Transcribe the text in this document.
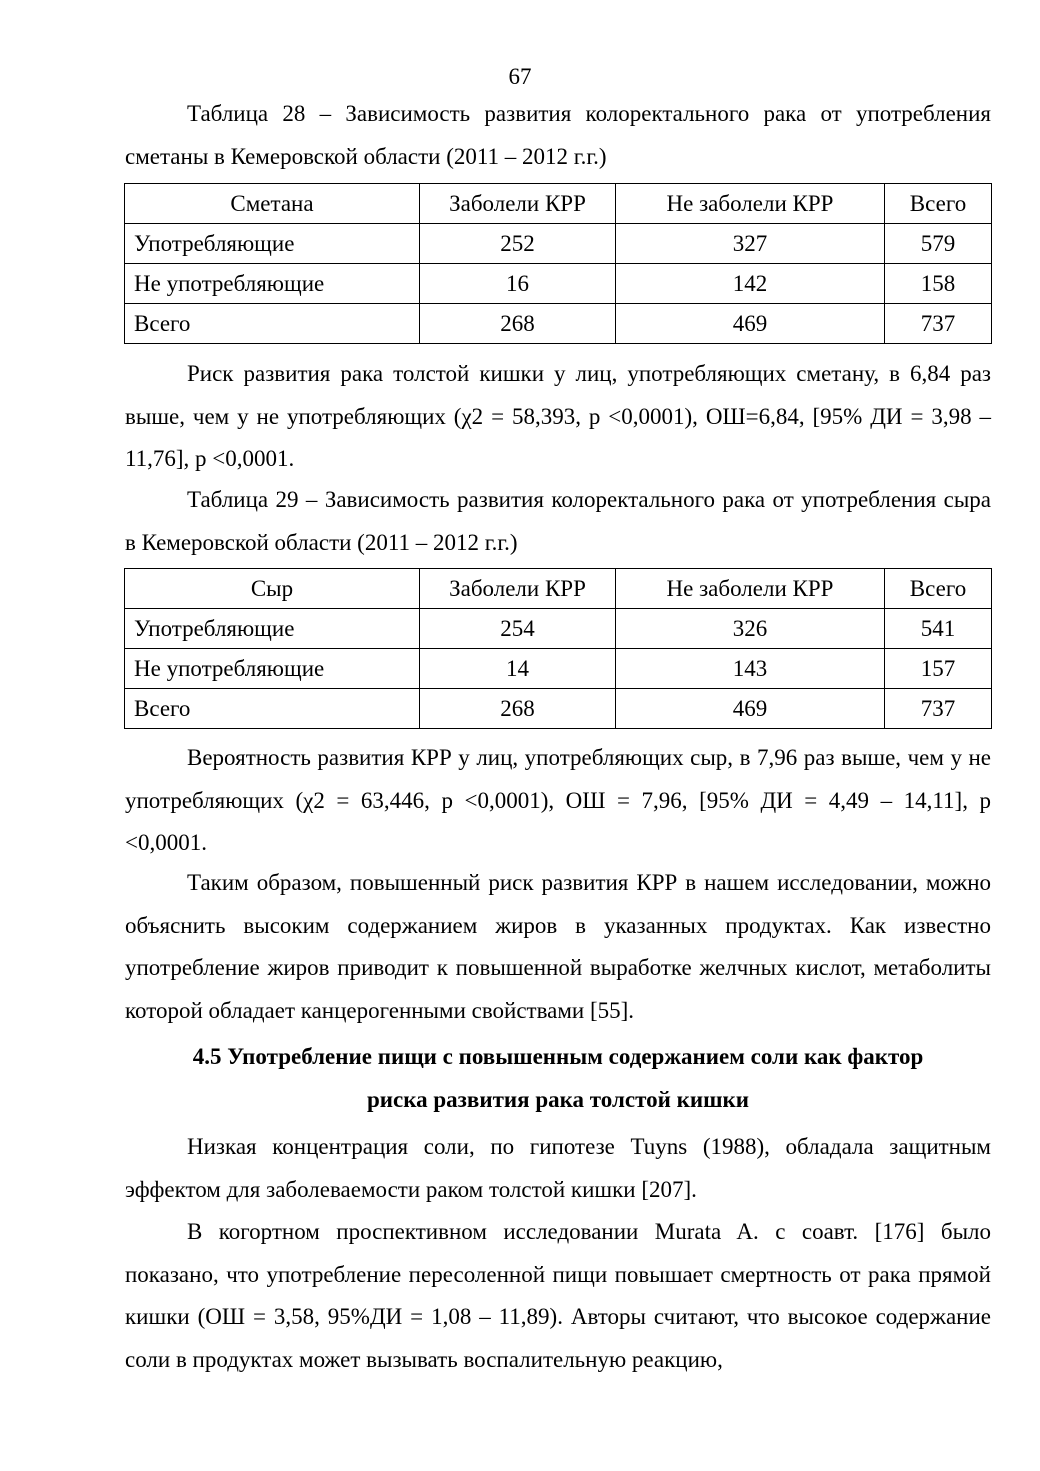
67

Таблица 28 – Зависимость развития колоректального рака от употребления сметаны в Кемеровской области (2011 – 2012 г.г.)

Сметана	Заболели КРР	Не заболели КРР	Всего
Употребляющие	252	327	579
Не употребляющие	16	142	158
Всего	268	469	737

Риск развития рака толстой кишки у лиц, употребляющих сметану, в 6,84 раз выше, чем у не употребляющих (χ2 = 58,393, p <0,0001), ОШ=6,84, [95% ДИ = 3,98 – 11,76], p <0,0001.

Таблица 29 – Зависимость развития колоректального рака от употребления сыра в Кемеровской области (2011 – 2012 г.г.)

Сыр	Заболели КРР	Не заболели КРР	Всего
Употребляющие	254	326	541
Не употребляющие	14	143	157
Всего	268	469	737

Вероятность развития КРР у лиц, употребляющих сыр, в 7,96 раз выше, чем у не употребляющих (χ2 = 63,446, p <0,0001), ОШ = 7,96, [95% ДИ = 4,49 – 14,11], p <0,0001.

Таким образом, повышенный риск развития КРР в нашем исследовании, можно объяснить высоким содержанием жиров в указанных продуктах. Как известно употребление жиров приводит к повышенной выработке желчных кислот, метаболиты которой обладает канцерогенными свойствами [55].

4.5 Употребление пищи с повышенным содержанием соли как фактор
риска развития рака толстой кишки

Низкая концентрация соли, по гипотезе Tuyns (1988), обладала защитным эффектом для заболеваемости раком толстой кишки [207].

В когортном проспективном исследовании Murata A. с соавт. [176] было показано, что употребление пересоленной пищи повышает смертность от рака прямой кишки (ОШ = 3,58, 95%ДИ = 1,08 – 11,89). Авторы считают, что высокое содержание соли в продуктах может вызывать воспалительную реакцию,
